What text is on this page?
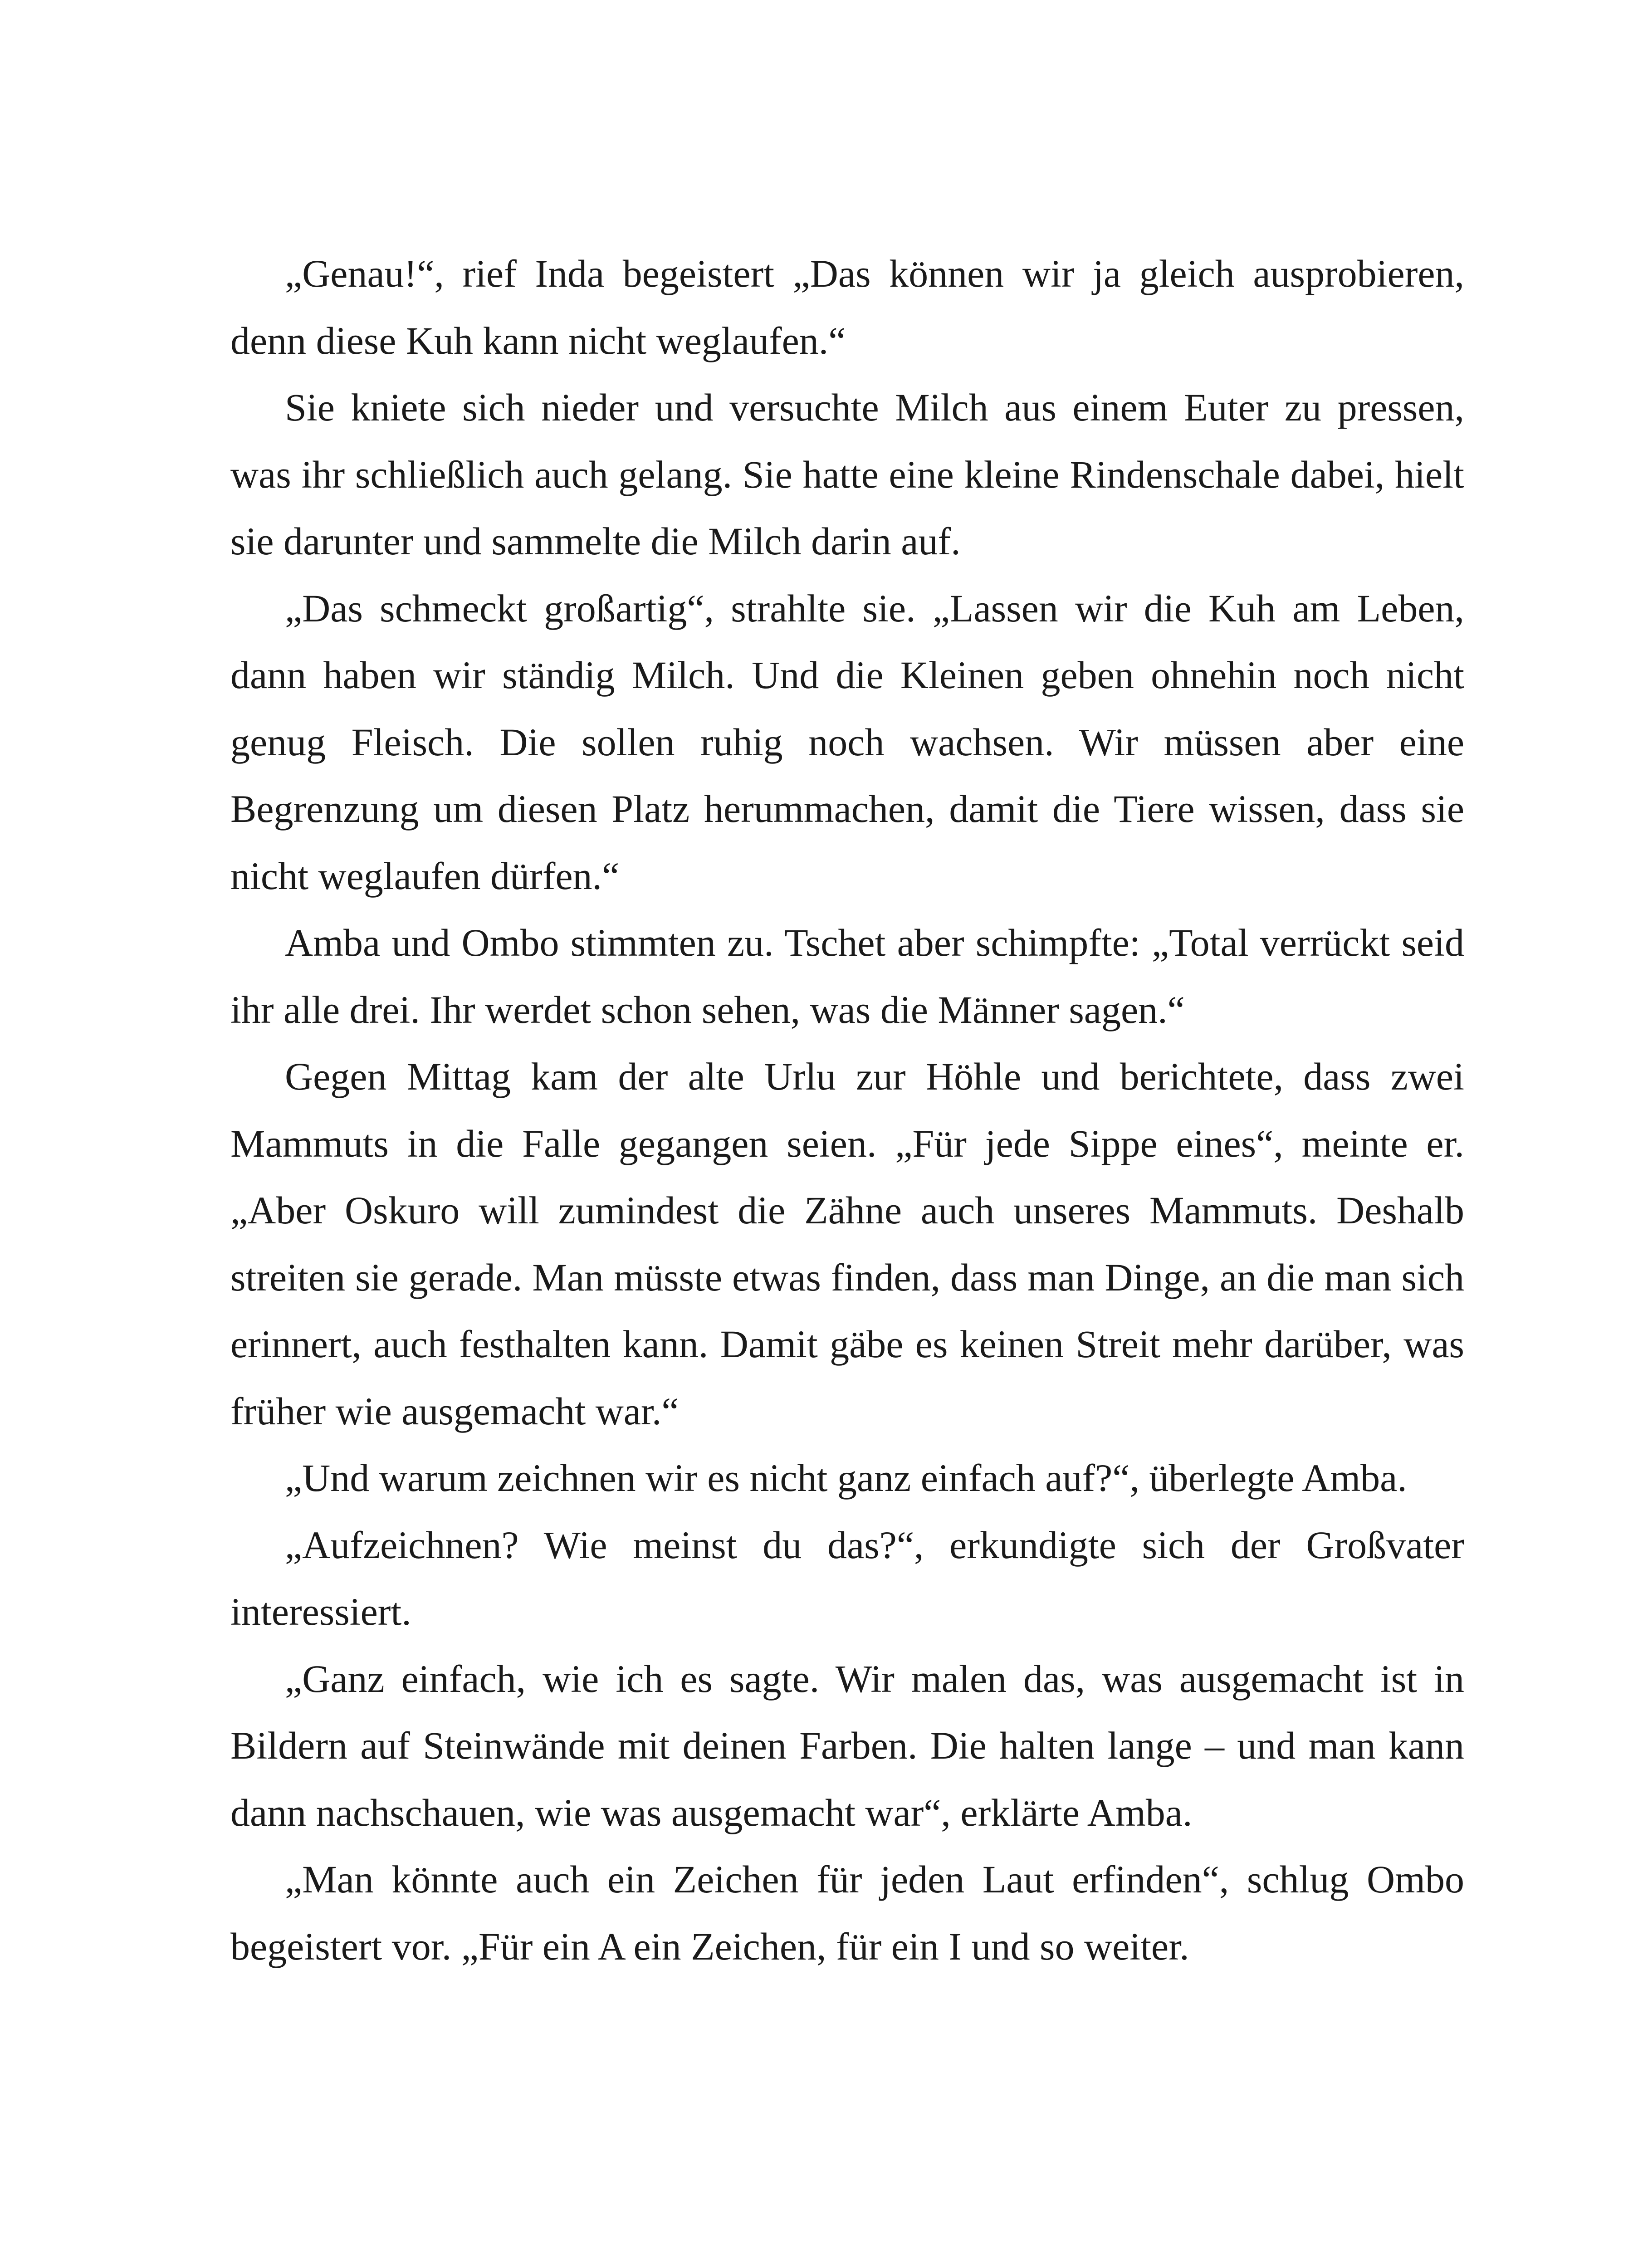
„Genau!“, rief Inda begeistert „Das können wir ja gleich ausprobieren, denn diese Kuh kann nicht weglaufen.“

Sie kniete sich nieder und versuchte Milch aus einem Euter zu pressen, was ihr schließlich auch gelang. Sie hatte eine kleine Rindenschale dabei, hielt sie darunter und sammelte die Milch darin auf.

„Das schmeckt großartig“, strahlte sie. „Lassen wir die Kuh am Leben, dann haben wir ständig Milch. Und die Kleinen geben ohnehin noch nicht genug Fleisch. Die sollen ruhig noch wachsen. Wir müssen aber eine Begrenzung um diesen Platz herummachen, damit die Tiere wissen, dass sie nicht weglaufen dürfen.“

Amba und Ombo stimmten zu. Tschet aber schimpfte: „Total verrückt seid ihr alle drei. Ihr werdet schon sehen, was die Männer sagen.“

Gegen Mittag kam der alte Urlu zur Höhle und berichtete, dass zwei Mammuts in die Falle gegangen seien. „Für jede Sippe eines“, meinte er. „Aber Oskuro will zumindest die Zähne auch unseres Mammuts. Deshalb streiten sie gerade. Man müsste etwas finden, dass man Dinge, an die man sich erinnert, auch festhalten kann. Damit gäbe es keinen Streit mehr darüber, was früher wie ausgemacht war.“

„Und warum zeichnen wir es nicht ganz einfach auf?“, überlegte Amba.

„Aufzeichnen? Wie meinst du das?“, erkundigte sich der Großvater interessiert.

„Ganz einfach, wie ich es sagte. Wir malen das, was ausgemacht ist in Bildern auf Steinwände mit deinen Farben. Die halten lange – und man kann dann nachschauen, wie was ausgemacht war“, erklärte Amba.

„Man könnte auch ein Zeichen für jeden Laut erfinden“, schlug Ombo begeistert vor. „Für ein A ein Zeichen, für ein I und so weiter.
